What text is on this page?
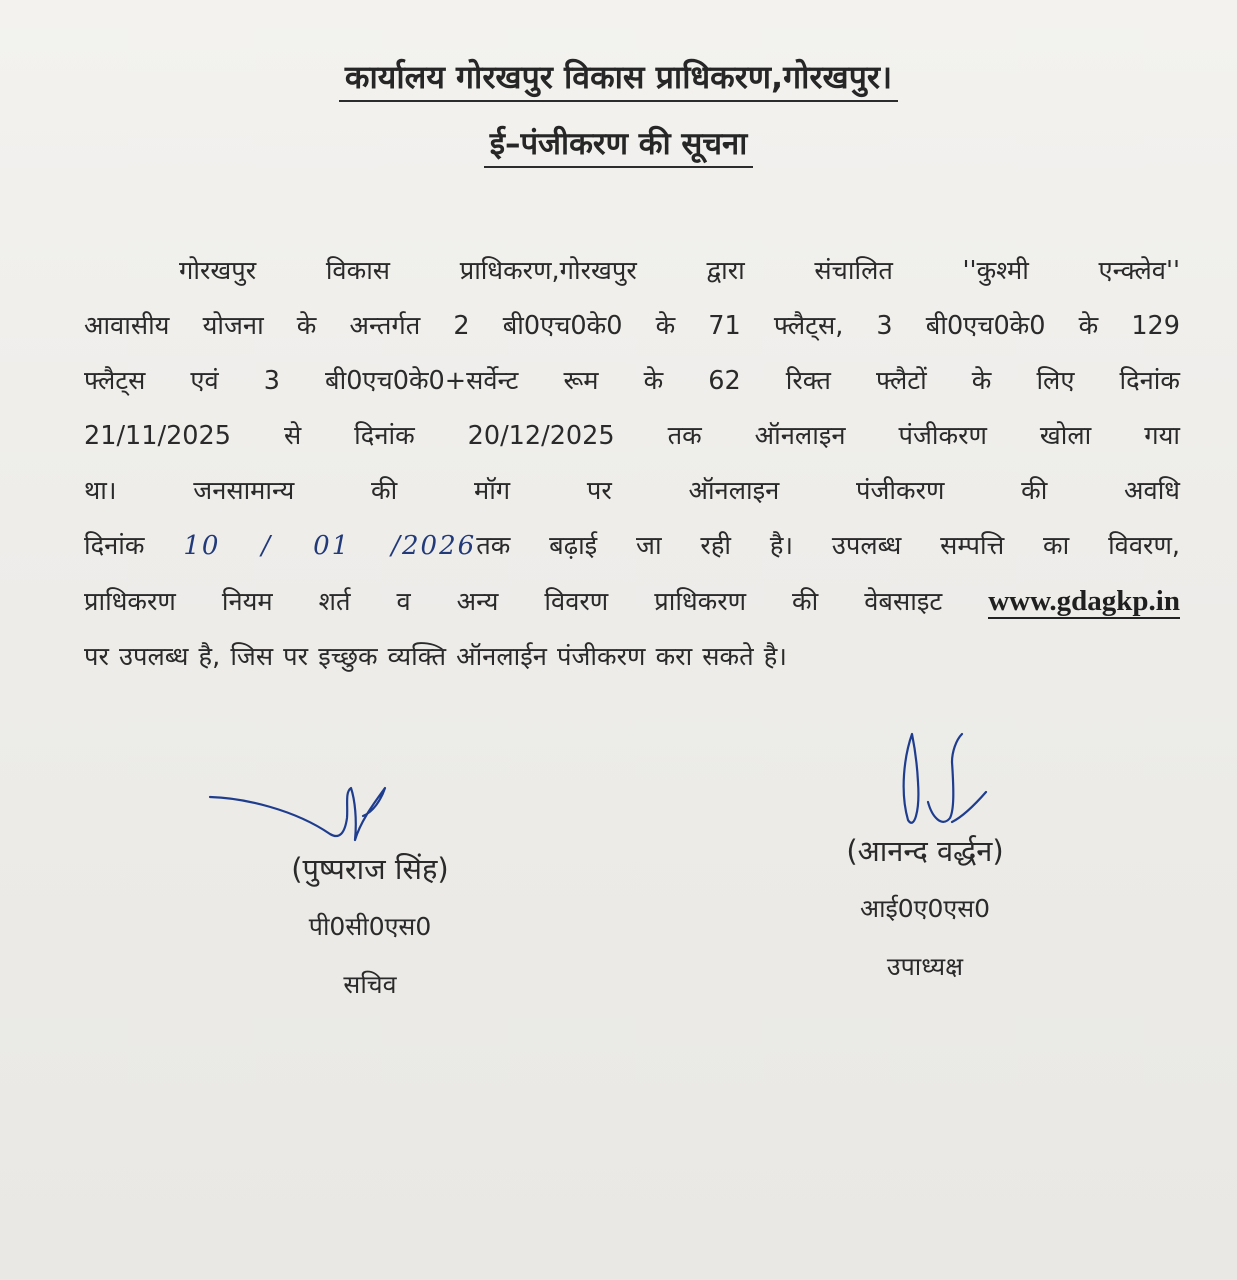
कार्यालय गोरखपुर विकास प्राधिकरण,गोरखपुर।
ई–पंजीकरण की सूचना

गोरखपुर विकास प्राधिकरण,गोरखपुर द्वारा संचालित ''कुश्मी एन्क्लेव''
आवासीय योजना के अन्तर्गत 2 बी0एच0के0 के 71 फ्लैट्स, 3 बी0एच0के0 के 129
फ्लैट्स एवं 3 बी0एच0के0+सर्वेन्ट रूम के 62 रिक्त फ्लैटों के लिए दिनांक
21/11/2025 से दिनांक 20/12/2025 तक ऑनलाइन पंजीकरण खोला गया
था। जनसामान्य की मॉग पर ऑनलाइन पंजीकरण की अवधि
दिनांक 10 / 01 /2026तक बढ़ाई जा रही है। उपलब्ध सम्पत्ति का विवरण,
प्राधिकरण नियम शर्त व अन्य विवरण प्राधिकरण की वेबसाइट www.gdagkp.in
पर उपलब्ध है, जिस पर इच्छुक व्यक्ति ऑनलाईन पंजीकरण करा सकते है।

(पुष्पराज सिंह)
पी0सी0एस0
सचिव
(आनन्द वर्द्धन)
आई0ए0एस0
उपाध्यक्ष
